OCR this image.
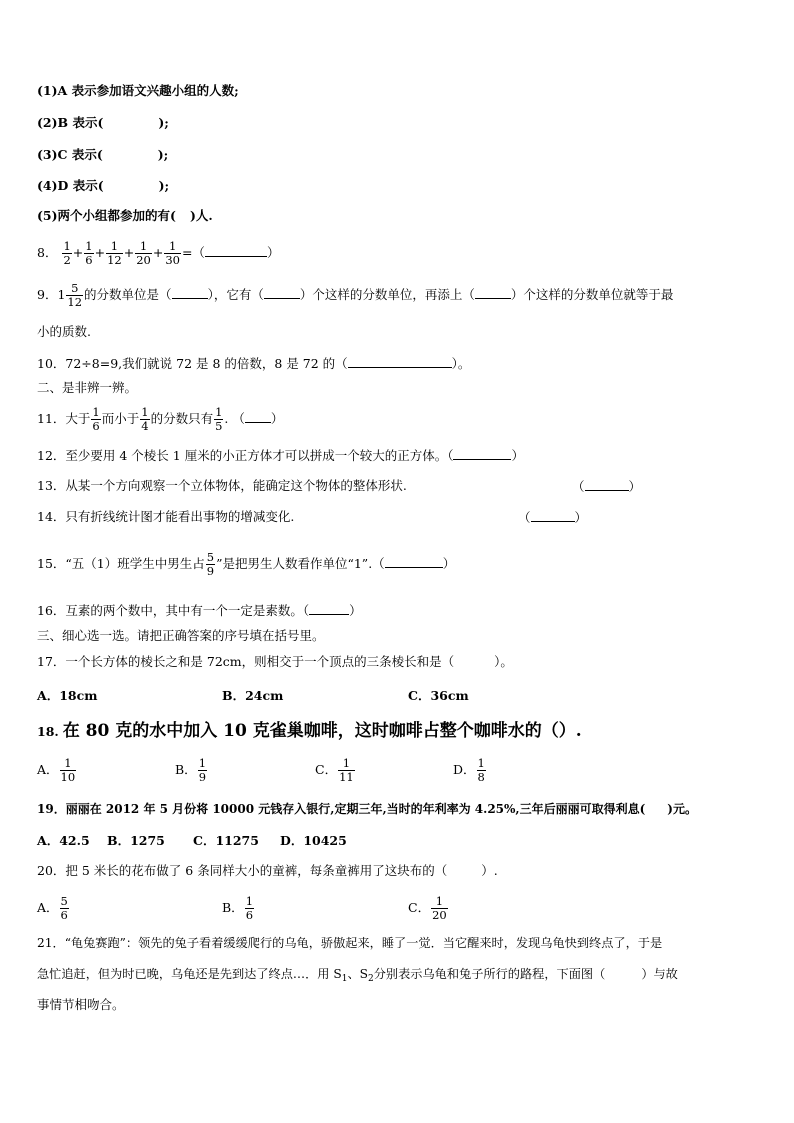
(1)A 表示参加语文兴趣小组的人数;
(2)B 表示(	);
(3)C 表示(	);
(4)D 表示(	);
(5)两个小组都参加的有( )人.
8． $\frac{1}{2} + \frac{1}{6} + \frac{1}{12} + \frac{1}{20} + \frac{1}{30}$ =（	）
9．$1 \frac{5}{12}$ 的分数单位是（	），它有（	）个这样的分数单位，再添上（	）个这样的分数单位就等于最
小的质数.
10．72÷8=9,我们就说 72 是 8 的倍数，8 是 72 的（	）。
二、是非辨一辨。
11．大于 $\frac{1}{6}$ 而小于 $\frac{1}{4}$ 的分数只有 $\frac{1}{5}$ . （ ）
12．至少要用 4 个棱长 1 厘米的小正方体才可以拼成一个较大的正方体。（	）
13．从某一个方向观察一个立体物体，能确定这个物体的整体形状.	（	）
14．只有折线统计图才能看出事物的增减变化.	（	）
15．“五（1）班学生中男生占 $\frac{5}{9}$ ”是把男生人数看作单位“1”.（	）
16．互素的两个数中，其中有一个一定是素数。（	）
三、细心选一选。请把正确答案的序号填在括号里。
17．一个长方体的棱长之和是 72cm，则相交于一个顶点的三条棱长和是（	）。
A．18cm	B．24cm	C．36cm
18. 在 80 克的水中加入 10 克雀巢咖啡，这时咖啡占整个咖啡水的（）.
A． $\frac{1}{10}$	B． $\frac{1}{9}$	C． $\frac{1}{11}$	D． $\frac{1}{8}$
19．丽丽在 2012 年 5 月份将 10000 元钱存入银行,定期三年,当时的年利率为 4.25%,三年后丽丽可取得利息( )元。
A．42.5 B．1275 C．11275 D．10425
20．把 5 米长的花布做了 6 条同样大小的童裤，每条童裤用了这块布的（	）.
A． $\frac{5}{6}$	B． $\frac{1}{6}$	C． $\frac{1}{20}$
21．“龟兔赛跑”：领先的兔子看着缓缓爬行的乌龟，骄傲起来，睡了一觉．当它醒来时，发现乌龟快到终点了，于是
急忙追赶，但为时已晚，乌龟还是先到达了终点…．用 $S_1$、$S_2$分别表示乌龟和兔子所行的路程，下面图（	）与故
事情节相吻合。
